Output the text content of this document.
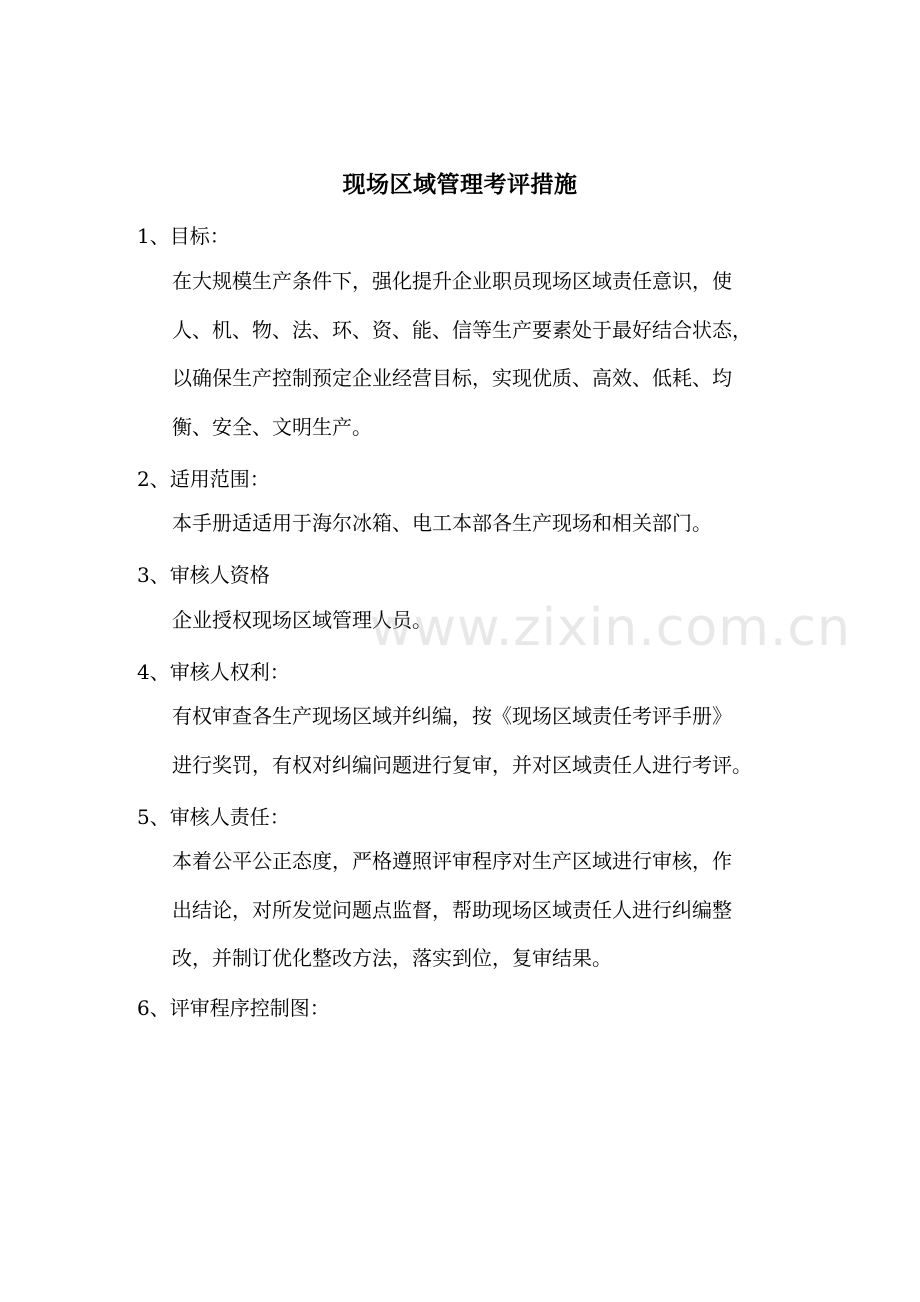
现场区域管理考评措施
1、目标：
在大规模生产条件下，强化提升企业职员现场区域责任意识，使
人、机、物、法、环、资、能、信等生产要素处于最好结合状态，
以确保生产控制预定企业经营目标，实现优质、高效、低耗、均
衡、安全、文明生产。
2、适用范围：
本手册适适用于海尔冰箱、电工本部各生产现场和相关部门。
3、审核人资格
企业授权现场区域管理人员。
4、审核人权利：
有权审查各生产现场区域并纠编，按《现场区域责任考评手册》
进行奖罚，有权对纠编问题进行复审，并对区域责任人进行考评。
5、审核人责任：
本着公平公正态度，严格遵照评审程序对生产区域进行审核，作
出结论，对所发觉问题点监督，帮助现场区域责任人进行纠编整
改，并制订优化整改方法，落实到位，复审结果。
6、评审程序控制图：
www.zixin.com.cn
